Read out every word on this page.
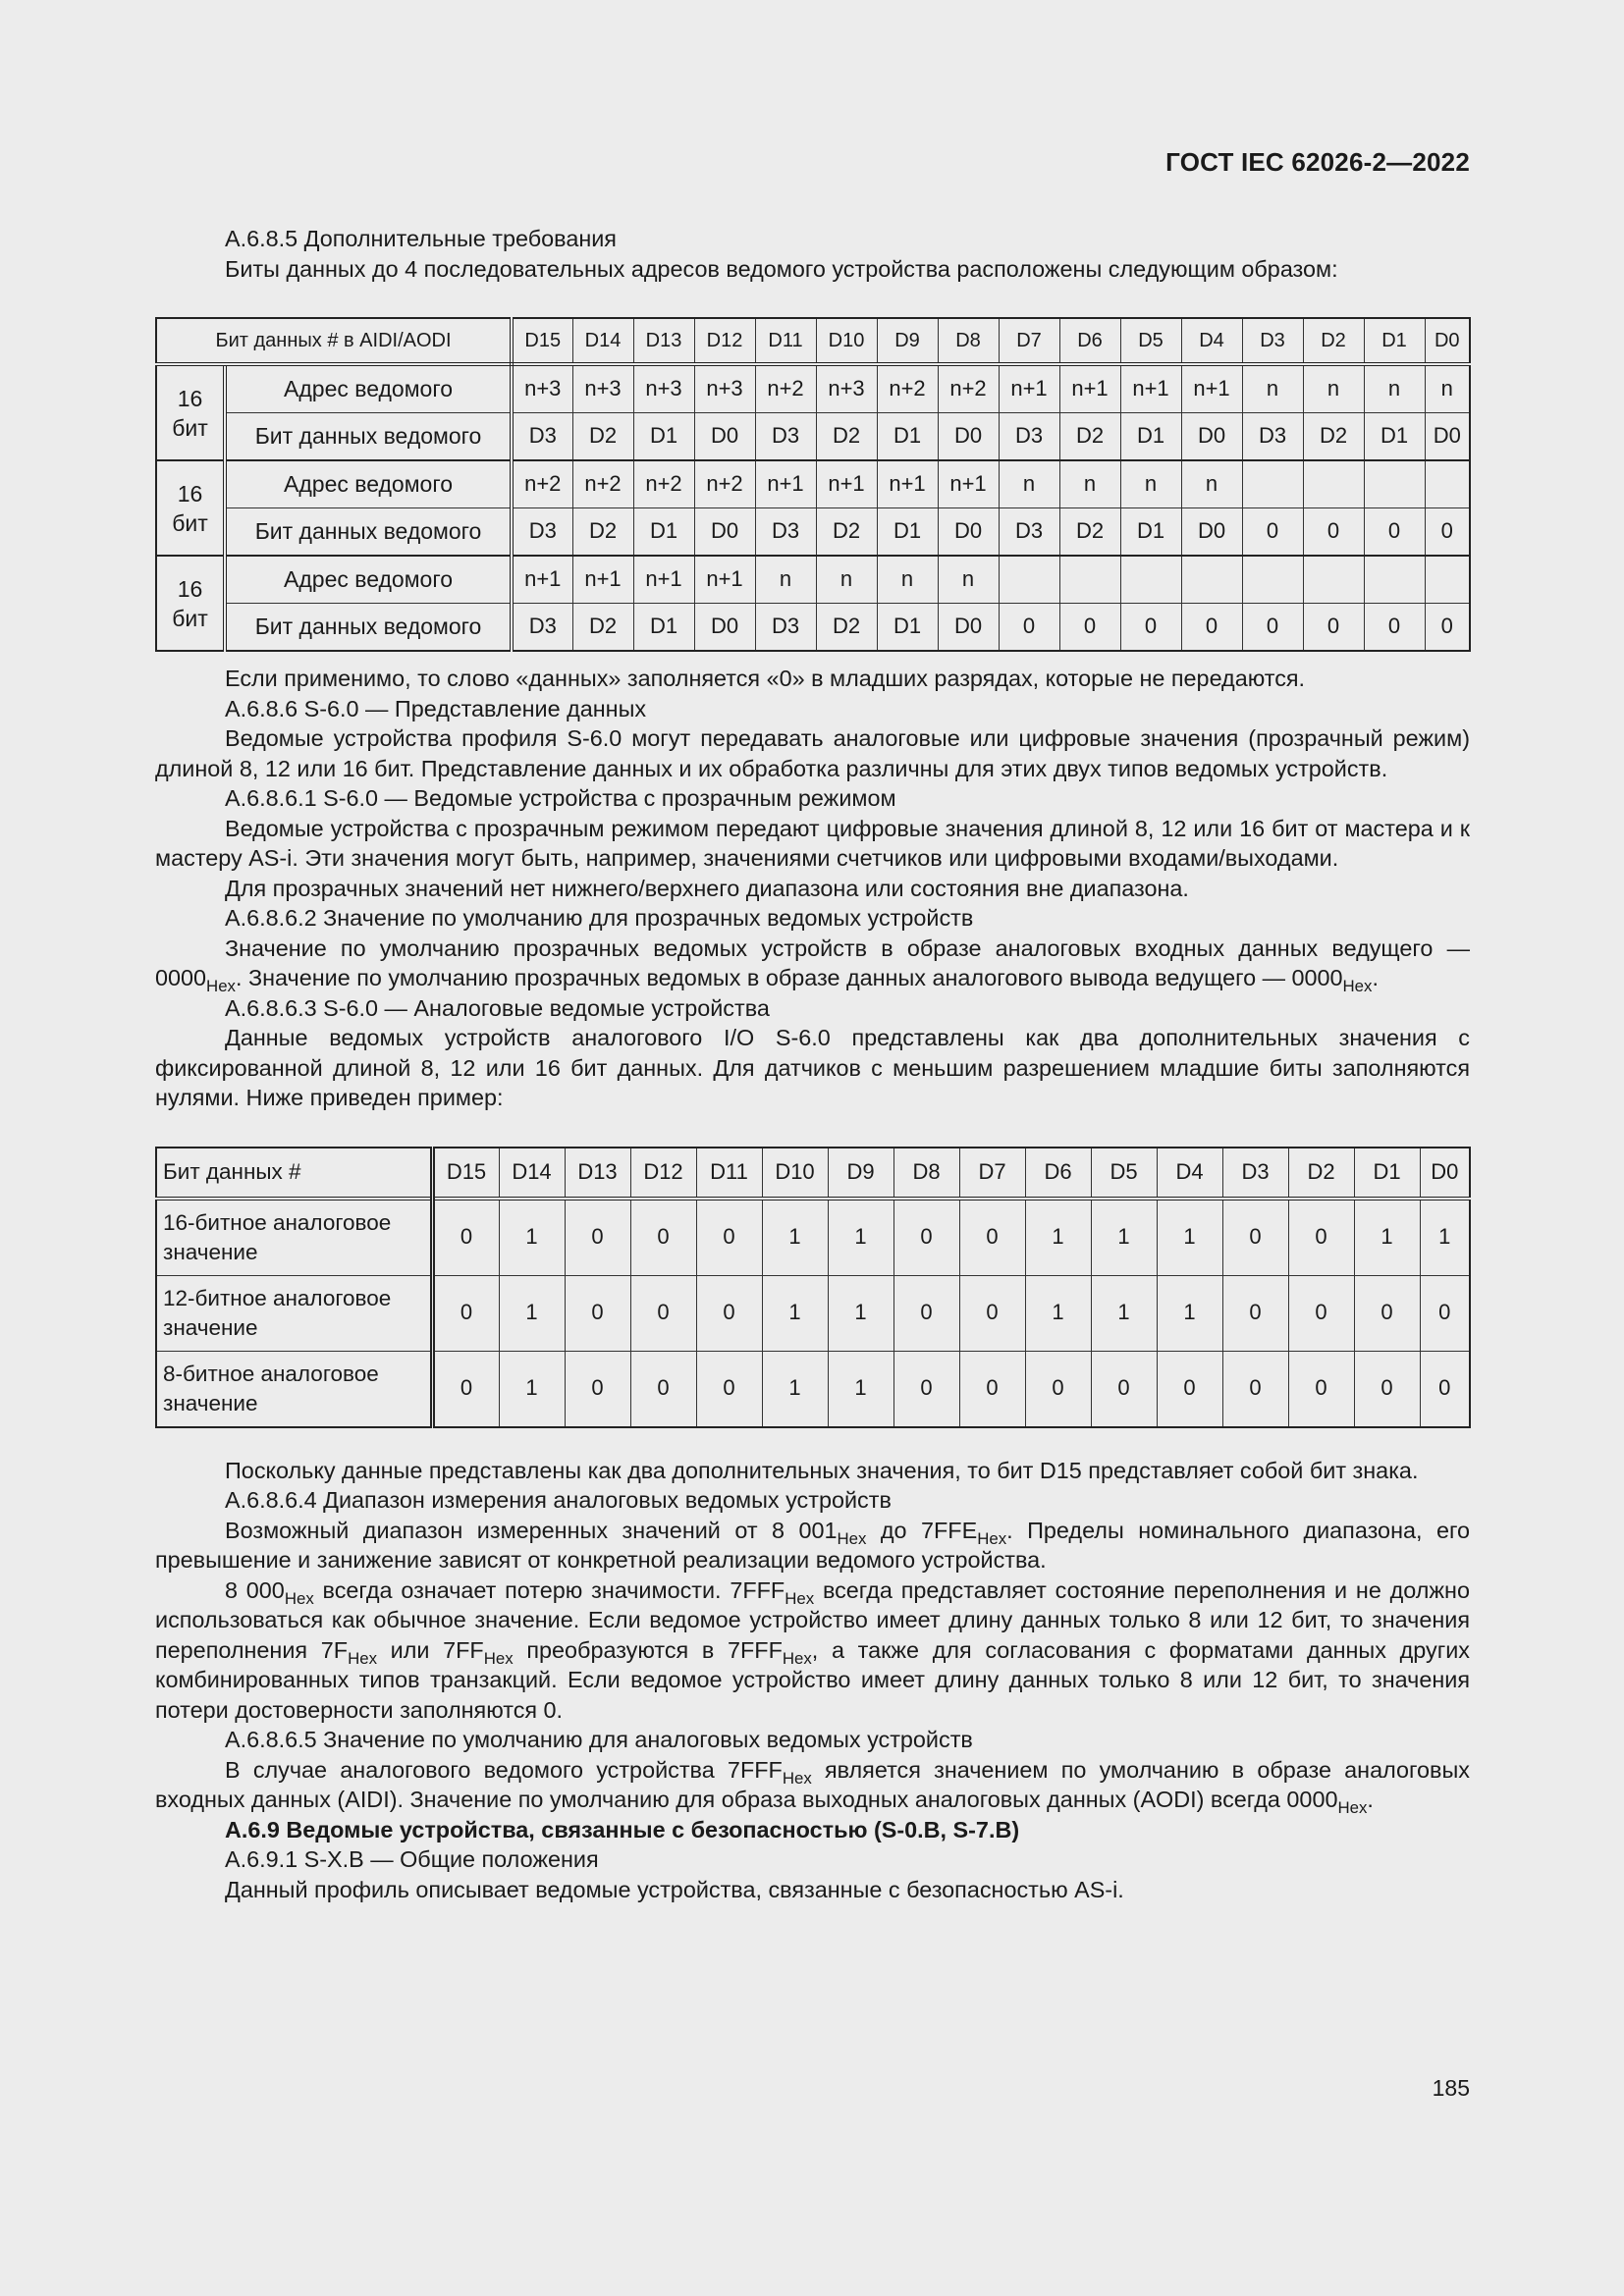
ГОСТ IEC 62026-2—2022

А.6.8.5 Дополнительные требования

Биты данных до 4 последовательных адресов ведомого устройства расположены следующим образом:

Бит данных # в AIDI/AODI		D15	D14	D13	D12	D11	D10	D9	D8	D7	D6	D5	D4	D3	D2	D1	D0
16
бит	Адрес ведомого	n+3	n+3	n+3	n+3	n+2	n+3	n+2	n+2	n+1	n+1	n+1	n+1	n	n	n	n
	Бит данных ведомого	D3	D2	D1	D0	D3	D2	D1	D0	D3	D2	D1	D0	D3	D2	D1	D0
16
бит	Адрес ведомого	n+2	n+2	n+2	n+2	n+1	n+1	n+1	n+1	n	n	n	n				
	Бит данных ведомого	D3	D2	D1	D0	D3	D2	D1	D0	D3	D2	D1	D0	0	0	0	0
16
бит	Адрес ведомого	n+1	n+1	n+1	n+1	n	n	n	n								
	Бит данных ведомого	D3	D2	D1	D0	D3	D2	D1	D0	0	0	0	0	0	0	0	0

Если применимо, то слово «данных» заполняется «0» в младших разрядах, которые не передаются.

А.6.8.6 S-6.0 — Представление данных

Ведомые устройства профиля S-6.0 могут передавать аналоговые или цифровые значения (прозрачный режим) длиной 8, 12 или 16 бит. Представление данных и их обработка различны для этих двух типов ведомых устройств.

А.6.8.6.1 S-6.0 — Ведомые устройства с прозрачным режимом

Ведомые устройства с прозрачным режимом передают цифровые значения длиной 8, 12 или 16 бит от мастера и к мастеру AS-i. Эти значения могут быть, например, значениями счетчиков или цифровыми входами/выходами.

Для прозрачных значений нет нижнего/верхнего диапазона или состояния вне диапазона.

А.6.8.6.2 Значение по умолчанию для прозрачных ведомых устройств

Значение по умолчанию прозрачных ведомых устройств в образе аналоговых входных данных ведущего — $0000_{Hex}$. Значение по умолчанию прозрачных ведомых в образе данных аналогового вывода ведущего — $0000_{Hex}$.

А.6.8.6.3 S-6.0 — Аналоговые ведомые устройства

Данные ведомых устройств аналогового I/O S-6.0 представлены как два дополнительных значения с фиксированной длиной 8, 12 или 16 бит данных. Для датчиков с меньшим разрешением младшие биты заполняются нулями. Ниже приведен пример:

Бит данных #	D15	D14	D13	D12	D11	D10	D9	D8	D7	D6	D5	D4	D3	D2	D1	D0
16-битное аналоговое значение	0	1	0	0	0	1	1	0	0	1	1	1	0	0	1	1
12-битное аналоговое значение	0	1	0	0	0	1	1	0	0	1	1	1	0	0	0	0
8-битное аналоговое значение	0	1	0	0	0	1	1	0	0	0	0	0	0	0	0	0

Поскольку данные представлены как два дополнительных значения, то бит D15 представляет собой бит знака.

А.6.8.6.4 Диапазон измерения аналоговых ведомых устройств

Возможный диапазон измеренных значений от 8 $001_{Hex}$ до $7FFE_{Hex}$. Пределы номинального диапазона, его превышение и занижение зависят от конкретной реализации ведомого устройства.

8 $000_{Hex}$ всегда означает потерю значимости. $7FFF_{Hex}$ всегда представляет состояние переполнения и не должно использоваться как обычное значение. Если ведомое устройство имеет длину данных только 8 или 12 бит, то значения переполнения $7F_{Hex}$ или $7FF_{Hex}$ преобразуются в $7FFF_{Hex}$, а также для согласования с форматами данных других комбинированных типов транзакций. Если ведомое устройство имеет длину данных только 8 или 12 бит, то значения потери достоверности заполняются 0.

А.6.8.6.5 Значение по умолчанию для аналоговых ведомых устройств

В случае аналогового ведомого устройства $7FFF_{Hex}$ является значением по умолчанию в образе аналоговых входных данных (AIDI). Значение по умолчанию для образа выходных аналоговых данных (AODI) всегда $0000_{Hex}$.

А.6.9 Ведомые устройства, связанные с безопасностью (S-0.B, S-7.B)

А.6.9.1 S-X.B — Общие положения

Данный профиль описывает ведомые устройства, связанные с безопасностью AS-i.

185
